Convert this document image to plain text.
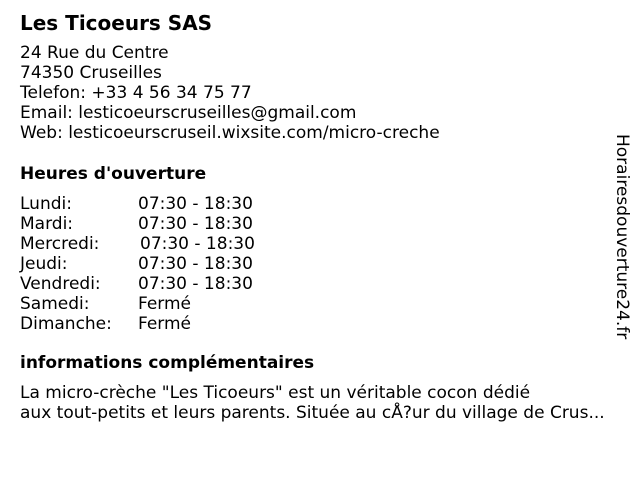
Les Ticoeurs SAS
24 Rue du Centre
74350 Cruseilles
Telefon: +33 4 56 34 75 77
Email: lesticoeurscruseilles@gmail.com
Web: lesticoeurscruseil.wixsite.com/micro-creche
Heures d'ouverture
Lundi:	07:30 - 18:30
Mardi:	07:30 - 18:30
Mercredi: 07:30 - 18:30
Jeudi:	07:30 - 18:30
Vendredi: 07:30 - 18:30
Samedi:	Fermé
Dimanche: Fermé
informations complémentaires
La micro-crèche "Les Ticoeurs" est un véritable cocon dédié
aux tout-petits et leurs parents. Située au cÅ?ur du village de Crus...
Horairesdouverture24.fr
